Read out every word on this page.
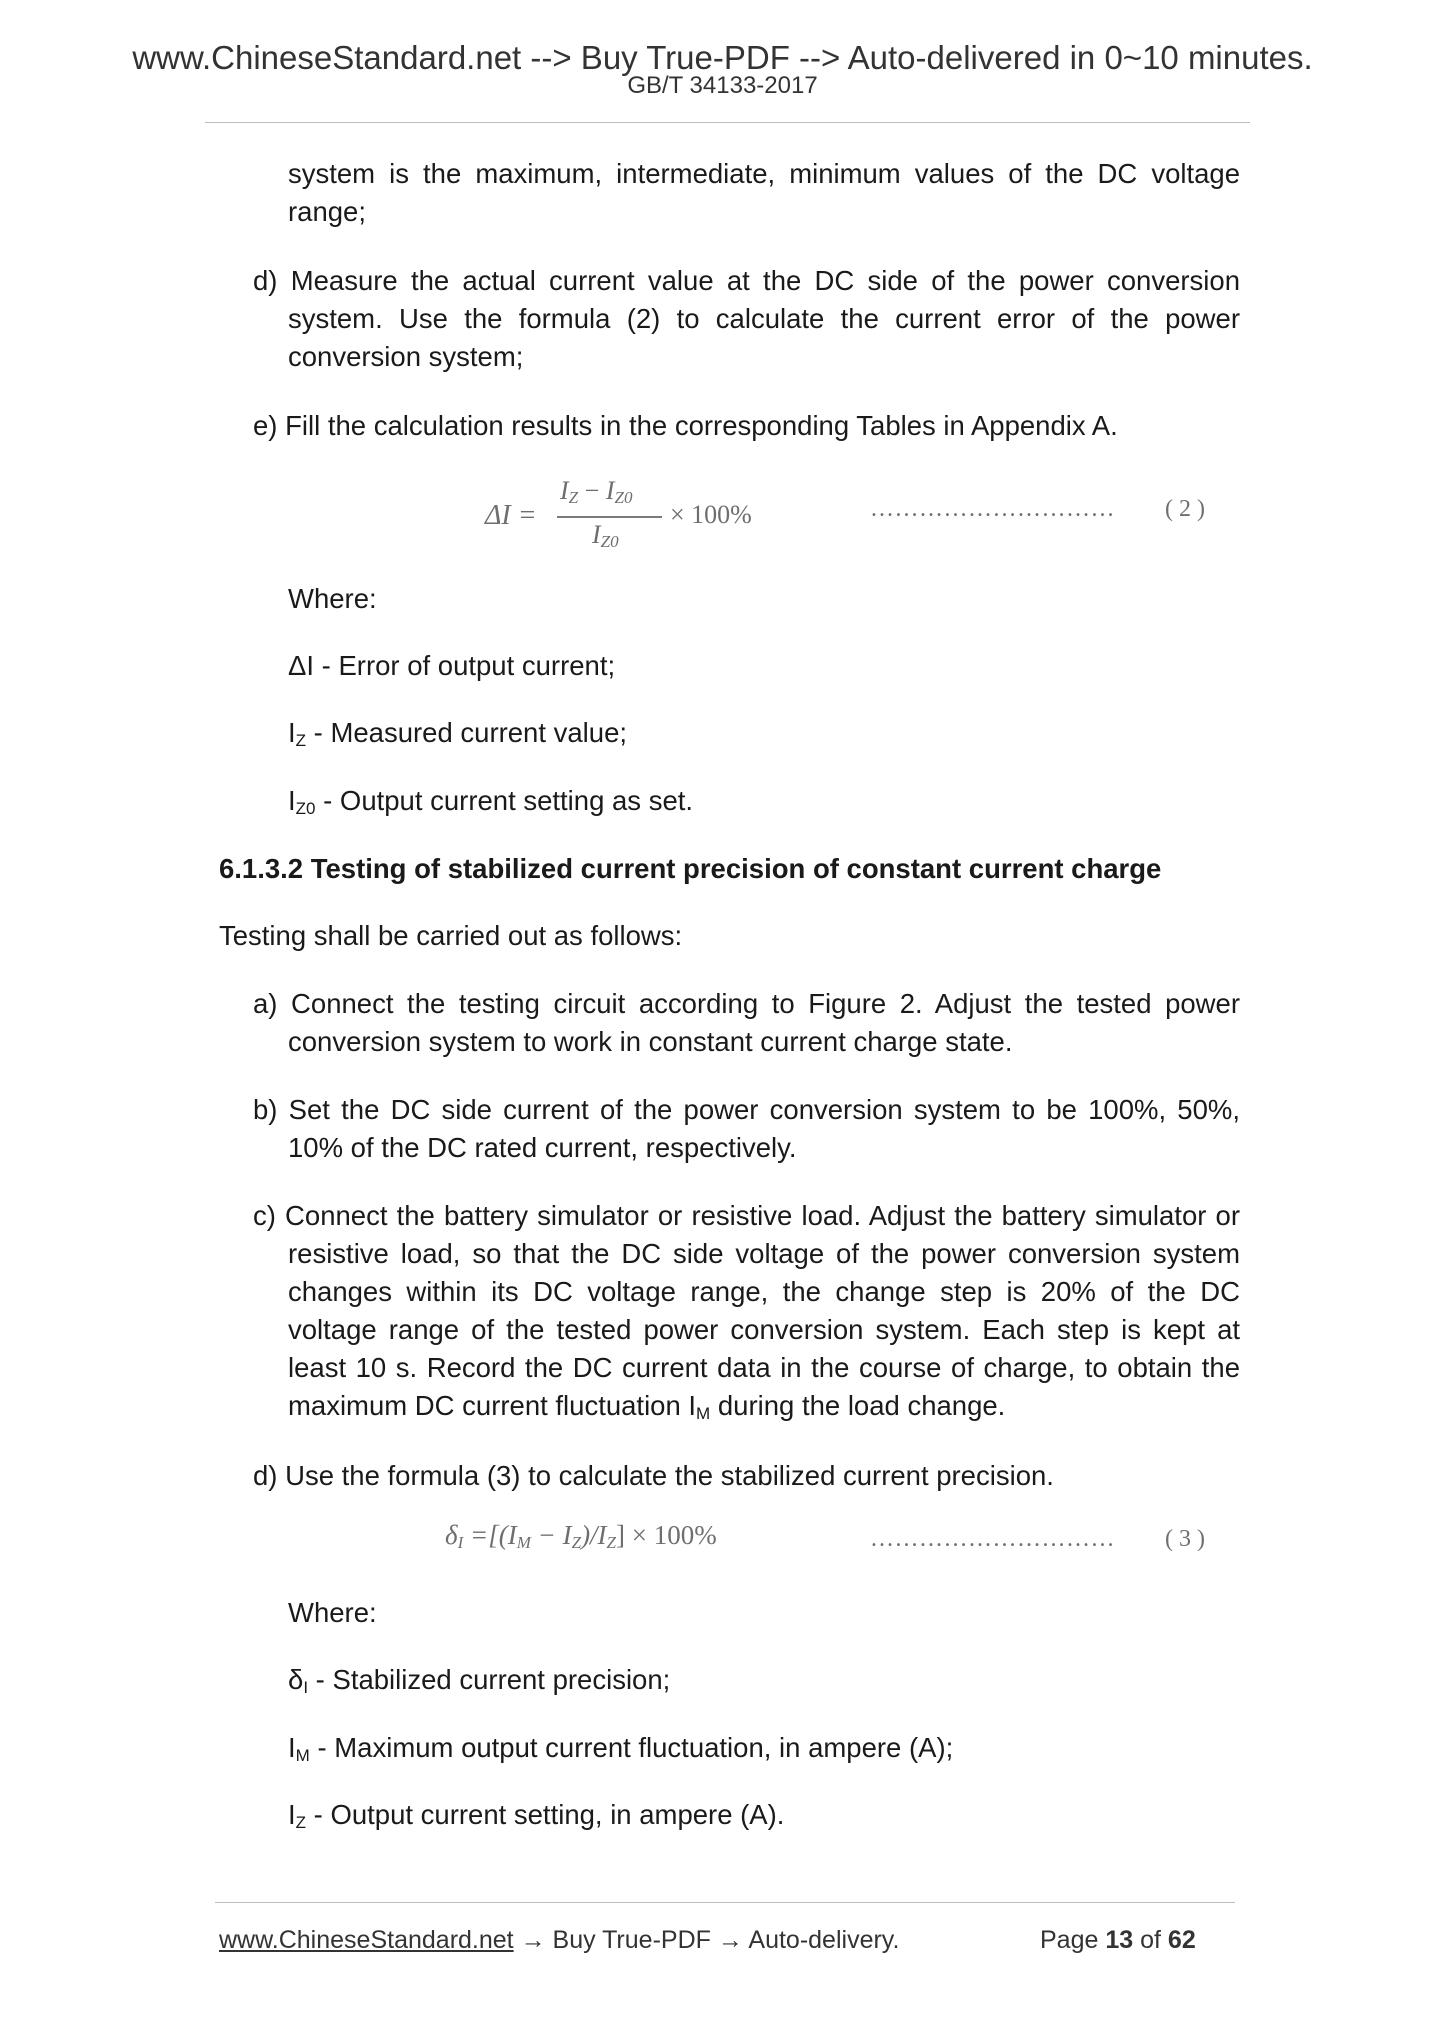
www.ChineseStandard.net --> Buy True-PDF --> Auto-delivered in 0~10 minutes.
GB/T 34133-2017
system is the maximum, intermediate, minimum values of the DC voltage range;
d) Measure the actual current value at the DC side of the power conversion system. Use the formula (2) to calculate the current error of the power conversion system;
e) Fill the calculation results in the corresponding Tables in Appendix A.
ΔI =
$I_Z - I_{Z0}$
$I_{Z0}$
× 100%	………………………… ( 2 )
Where:
ΔI - Error of output current;
$I_Z$ - Measured current value;
$I_{Z0}$ - Output current setting as set.
6.1.3.2 Testing of stabilized current precision of constant current charge
Testing shall be carried out as follows:
a) Connect the testing circuit according to Figure 2. Adjust the tested power conversion system to work in constant current charge state.
b) Set the DC side current of the power conversion system to be 100%, 50%, 10% of the DC rated current, respectively.
c) Connect the battery simulator or resistive load. Adjust the battery simulator or resistive load, so that the DC side voltage of the power conversion system changes within its DC voltage range, the change step is 20% of the DC voltage range of the tested power conversion system. Each step is kept at least 10 s. Record the DC current data in the course of charge, to obtain the maximum DC current fluctuation $I_M$ during the load change.
d) Use the formula (3) to calculate the stabilized current precision.
$\delta_I =[(I_M - I_Z)/I_Z] \times 100\%$	………………………… ( 3 )
Where:
$\delta_I$ - Stabilized current precision;
$I_M$ - Maximum output current fluctuation, in ampere (A);
$I_Z$ - Output current setting, in ampere (A).
www.ChineseStandard.net → Buy True-PDF → Auto-delivery.	Page 13 of 62
